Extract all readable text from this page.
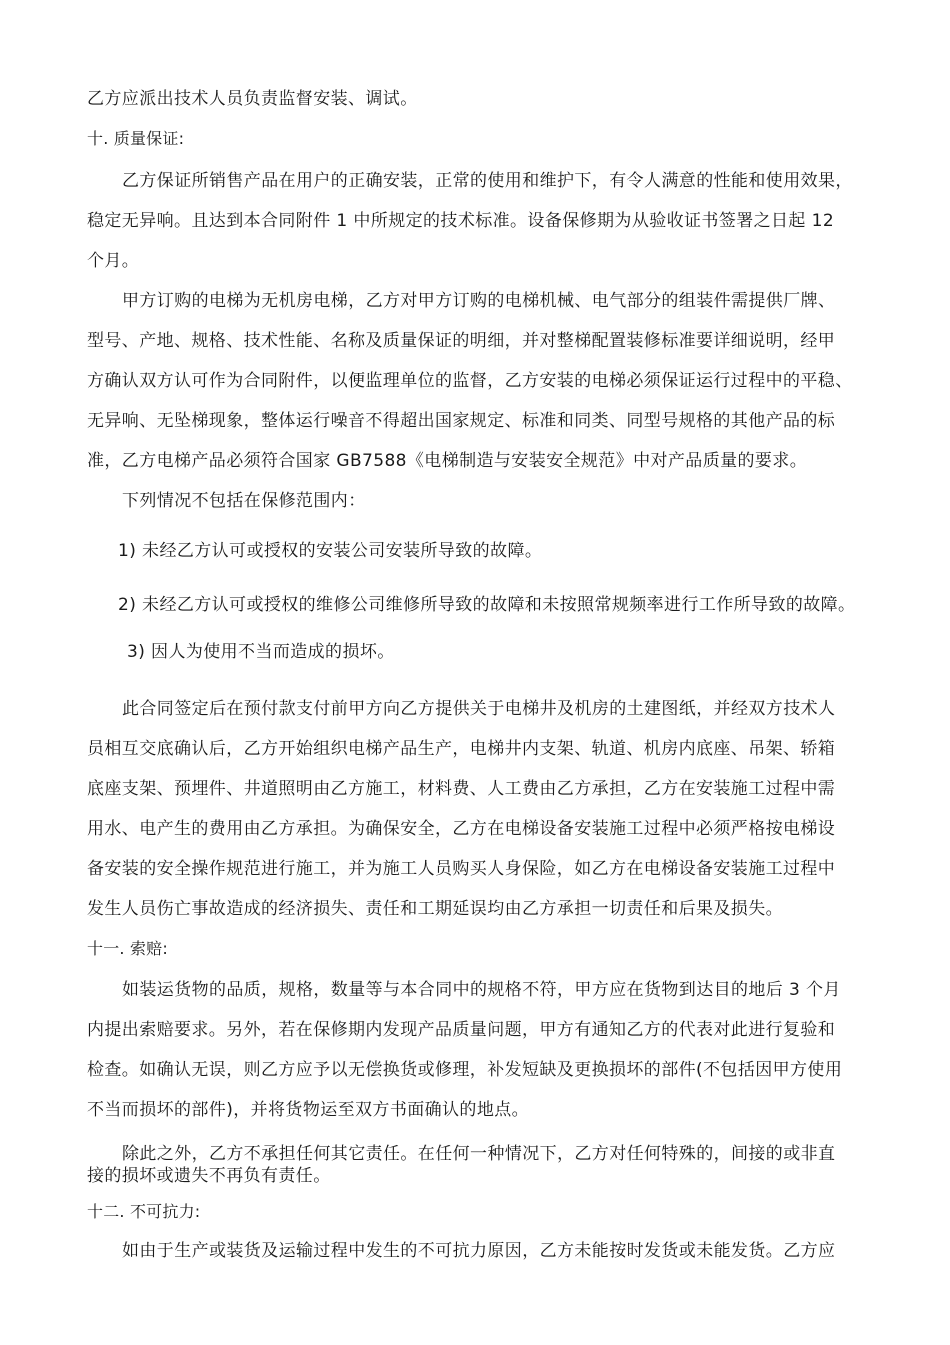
乙方应派出技术人员负责监督安装、调试。

十. 质量保证:

乙方保证所销售产品在用户的正确安装，正常的使用和维护下，有令人满意的性能和使用效果，

稳定无异响。且达到本合同附件 1 中所规定的技术标准。设备保修期为从验收证书签署之日起 12

个月。

甲方订购的电梯为无机房电梯，乙方对甲方订购的电梯机械、电气部分的组装件需提供厂牌、

型号、产地、规格、技术性能、名称及质量保证的明细，并对整梯配置装修标准要详细说明，经甲

方确认双方认可作为合同附件，以便监理单位的监督，乙方安装的电梯必须保证运行过程中的平稳、

无异响、无坠梯现象，整体运行噪音不得超出国家规定、标准和同类、同型号规格的其他产品的标

准，乙方电梯产品必须符合国家 GB7588《电梯制造与安装安全规范》中对产品质量的要求。

下列情况不包括在保修范围内：

1) 未经乙方认可或授权的安装公司安装所导致的故障。

2) 未经乙方认可或授权的维修公司维修所导致的故障和未按照常规频率进行工作所导致的故障。

3) 因人为使用不当而造成的损坏。

此合同签定后在预付款支付前甲方向乙方提供关于电梯井及机房的土建图纸，并经双方技术人

员相互交底确认后，乙方开始组织电梯产品生产，电梯井内支架、轨道、机房内底座、吊架、轿箱

底座支架、预埋件、井道照明由乙方施工，材料费、人工费由乙方承担，乙方在安装施工过程中需

用水、电产生的费用由乙方承担。为确保安全，乙方在电梯设备安装施工过程中必须严格按电梯设

备安装的安全操作规范进行施工，并为施工人员购买人身保险，如乙方在电梯设备安装施工过程中

发生人员伤亡事故造成的经济损失、责任和工期延误均由乙方承担一切责任和后果及损失。

十一. 索赔:

如装运货物的品质，规格，数量等与本合同中的规格不符，甲方应在货物到达目的地后 3 个月

内提出索赔要求。另外，若在保修期内发现产品质量问题，甲方有通知乙方的代表对此进行复验和

检查。如确认无误，则乙方应予以无偿换货或修理，补发短缺及更换损坏的部件(不包括因甲方使用

不当而损坏的部件)，并将货物运至双方书面确认的地点。

除此之外，乙方不承担任何其它责任。在任何一种情况下，乙方对任何特殊的，间接的或非直

接的损坏或遗失不再负有责任。

十二. 不可抗力:

如由于生产或装货及运输过程中发生的不可抗力原因，乙方未能按时发货或未能发货。乙方应
